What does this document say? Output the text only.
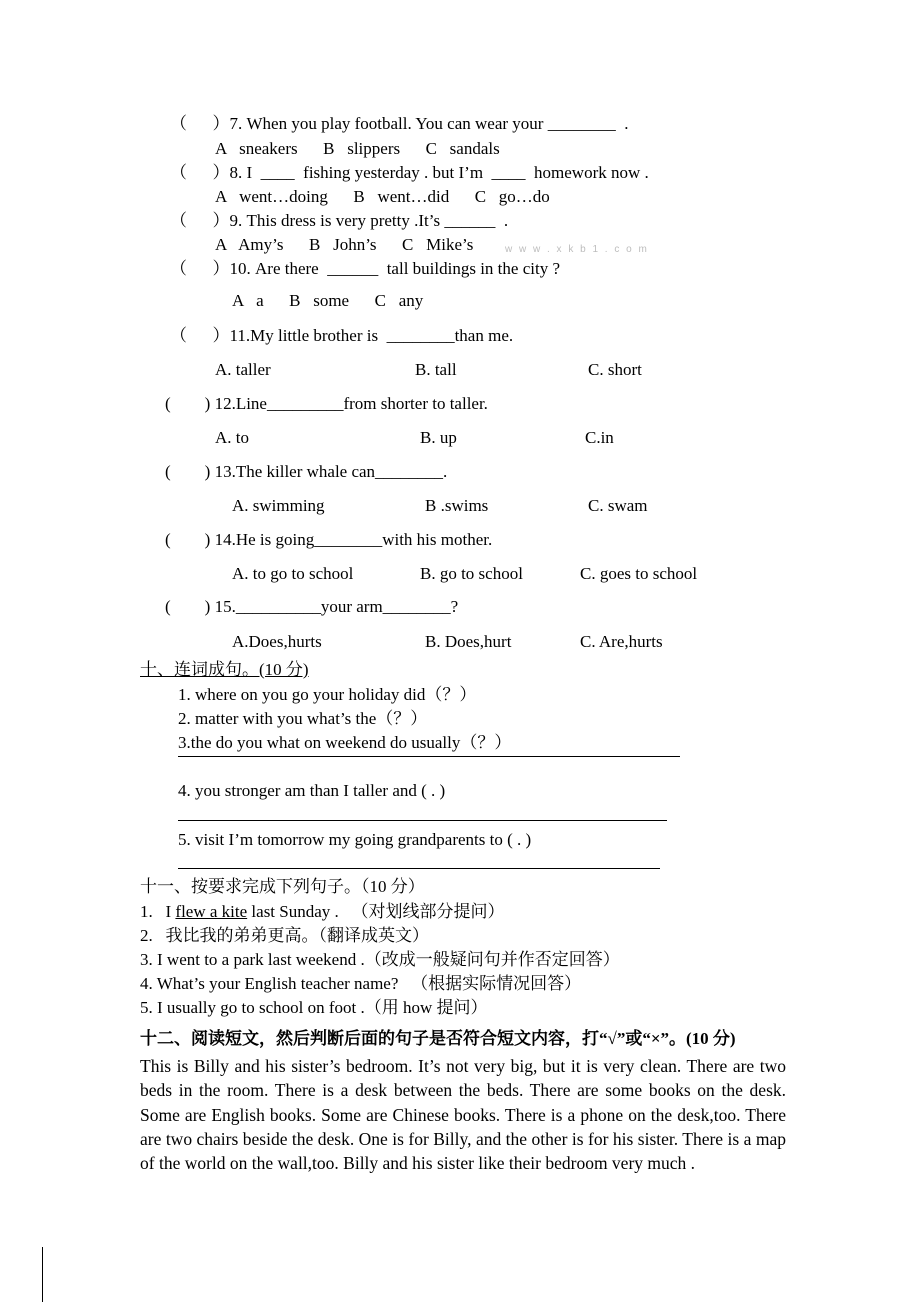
This is Billy and his sister’s bedroom. It’s not very big, but it is very clean. There are two beds in the room. There is a desk between the beds. There are some books on the desk. Some are English books. Some are Chinese books. There is a phone on the desk,too. There are two chairs beside the desk. One is for Billy, and the other is for his sister. There is a map of the world on the wall,too. Billy and his sister like their bedroom very much .
（      ）7. When you play football. You can wear your ________  .
A   sneakers      B   slippers      C   sandals
（      ）8. I  ____  fishing yesterday . but I’m  ____  homework now .
A   went…doing      B   went…did      C   go…do
（      ）9. This dress is very pretty .It’s ______  .
A   Amy’s      B   John’s      C   Mike’s	w w w . x k b 1 . c o m
（      ）10. Are there  ______  tall buildings in the city ?
A   a      B   some      C   any
（      ）11.My little brother is  ________than me.
A. taller	B. tall	C. short
(        ) 12.Line_________from shorter to taller.
A. to	B. up	C.in
(        ) 13.The killer whale can________.
A. swimming	B .swims	C. swam
(        ) 14.He is going________with his mother.
A. to go to school	B. go to school	C. goes to school
(        ) 15.__________your arm________?
A.Does,hurts	B. Does,hurt	C. Are,hurts
十、连词成句。(10 分)
1. where on you go your holiday did（？）
2. matter with you what’s the（？）
3.the do you what on weekend do usually（？）
4. you stronger am than I taller and ( . )
5. visit I’m tomorrow my going grandparents to ( . )
十一、按要求完成下列句子。（10 分）
1.   I flew a kite last Sunday .   （对划线部分提问）
2.   我比我的弟弟更高。（翻译成英文）
3. I went to a park last weekend .（改成一般疑问句并作否定回答）
4. What’s your English teacher name?   （根据实际情况回答）
5. I usually go to school on foot .（用 how 提问）
十二、阅读短文，然后判断后面的句子是否符合短文内容，打“√”或“×”。(10 分)
